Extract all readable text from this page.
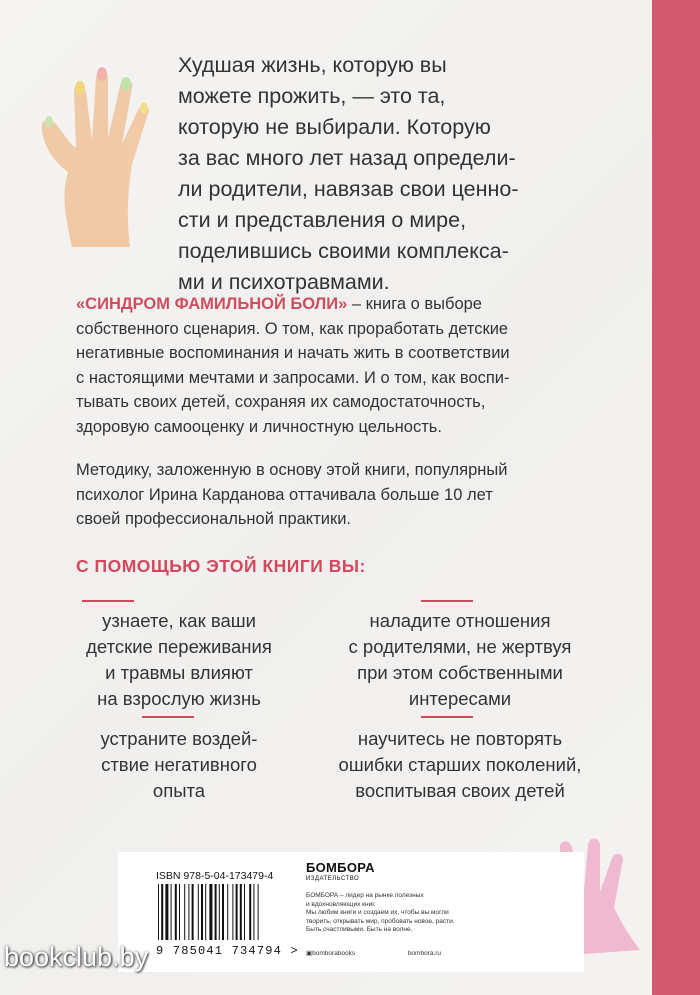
Худшая жизнь, которую вы
можете прожить, — это та,
которую не выбирали. Которую
за вас много лет назад определи-
ли родители, навязав свои ценно-
сти и представления о мире,
поделившись своими комплекса-
ми и психотравмами.
«СИНДРОМ ФАМИЛЬНОЙ БОЛИ» – книга о выборе
собственного сценария. О том, как проработать детские
негативные воспоминания и начать жить в соответствии
с настоящими мечтами и запросами. И о том, как воспи-
тывать своих детей, сохраняя их самодостаточность,
здоровую самооценку и личностную цельность.
Методику, заложенную в основу этой книги, популярный
психолог Ирина Карданова оттачивала больше 10 лет
своей профессиональной практики.
С ПОМОЩЬЮ ЭТОЙ КНИГИ ВЫ:
узнаете, как ваши
детские переживания
и травмы влияют
на взрослую жизнь
наладите отношения
с родителями, не жертвуя
при этом собственными
интересами
устраните воздей-
ствие негативного
опыта
научитесь не повторять
ошибки старших поколений,
воспитывая своих детей
ISBN 978-5-04-173479-4
9 785041 734794 >
БОМБОРА
ИЗДАТЕЛЬСТВО
БОМБОРА – лидер на рынке полезных
и вдохновляющих книг.
Мы любим книги и создаем их, чтобы вы могли
творить, открывать мир, пробовать новое, расти.
Быть счастливыми. Быть на волне.
▣bomborabooks	bombora.ru
bookclub.by
